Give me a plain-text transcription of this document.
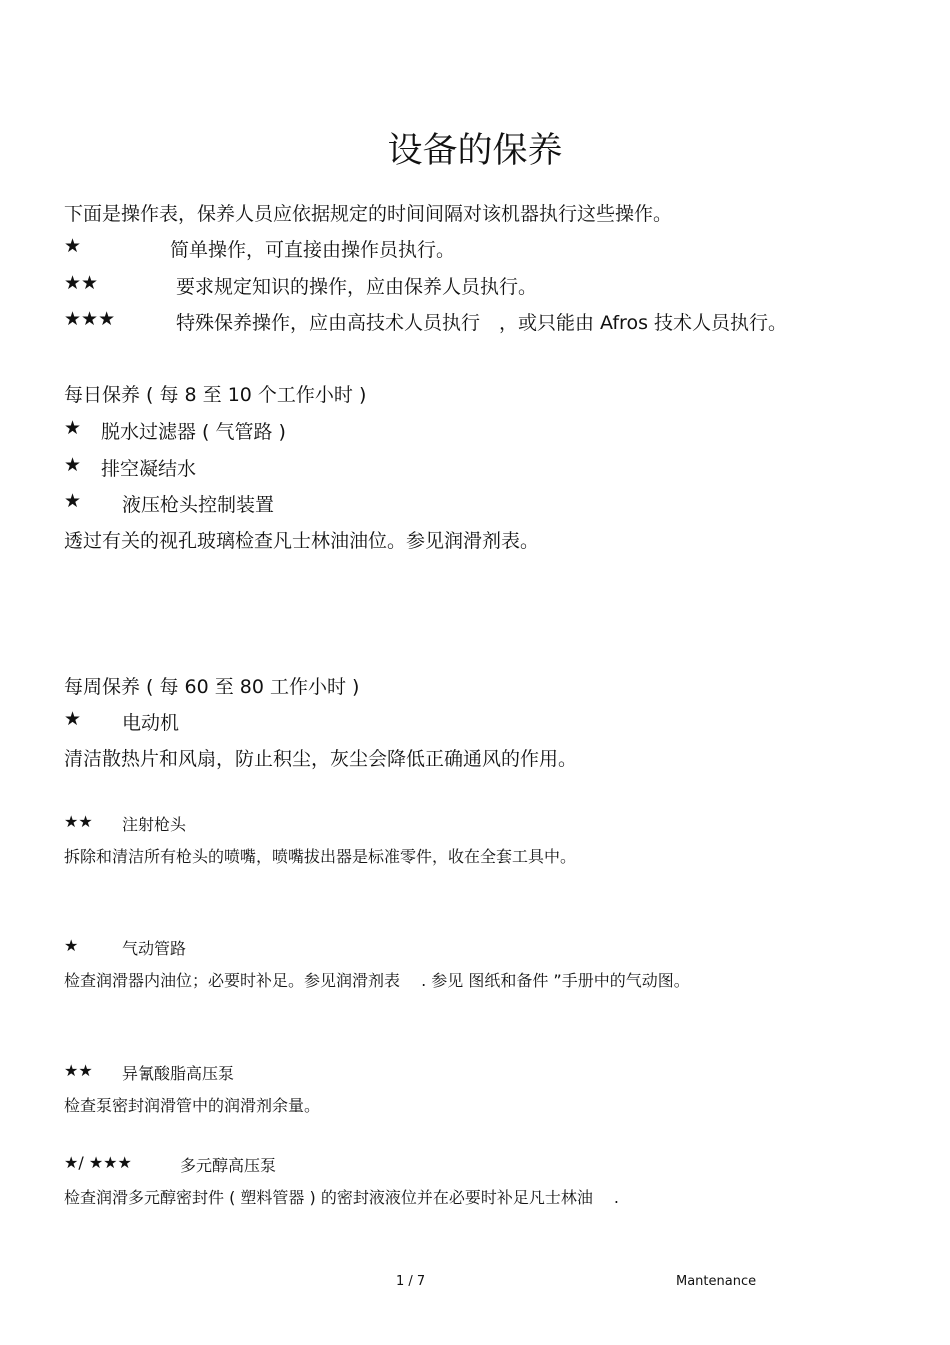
设备的保养
下面是操作表，保养人员应依据规定的时间间隔对该机器执行这些操作。
★	简单操作，可直接由操作员执行。
★★	要求规定知识的操作，应由保养人员执行。
★★★	特殊保养操作，应由高技术人员执行　，或只能由 Afros 技术人员执行。
每日保养 ( 每 8 至 10 个工作小时 )
★ 脱水过滤器 ( 气管路 )
★ 排空凝结水
★ 液压枪头控制装置
透过有关的视孔玻璃检查凡士林油油位。参见润滑剂表。
每周保养 ( 每 60 至 80 工作小时 )
★ 电动机
清洁散热片和风扇，防止积尘，灰尘会降低正确通风的作用。
★★ 注射枪头
拆除和清洁所有枪头的喷嘴，喷嘴拔出器是标准零件，收在全套工具中。
★	气动管路
检查润滑器内油位；必要时补足。参见润滑剂表　 . 参见 图纸和备件 ”手册中的气动图。
★★ 异氰酸脂高压泵
检查泵密封润滑管中的润滑剂余量。
★/ ★★★	多元醇高压泵
检查润滑多元醇密封件 ( 塑料管器 ) 的密封液液位并在必要时补足凡士林油　 .
1 / 7	Mantenance
